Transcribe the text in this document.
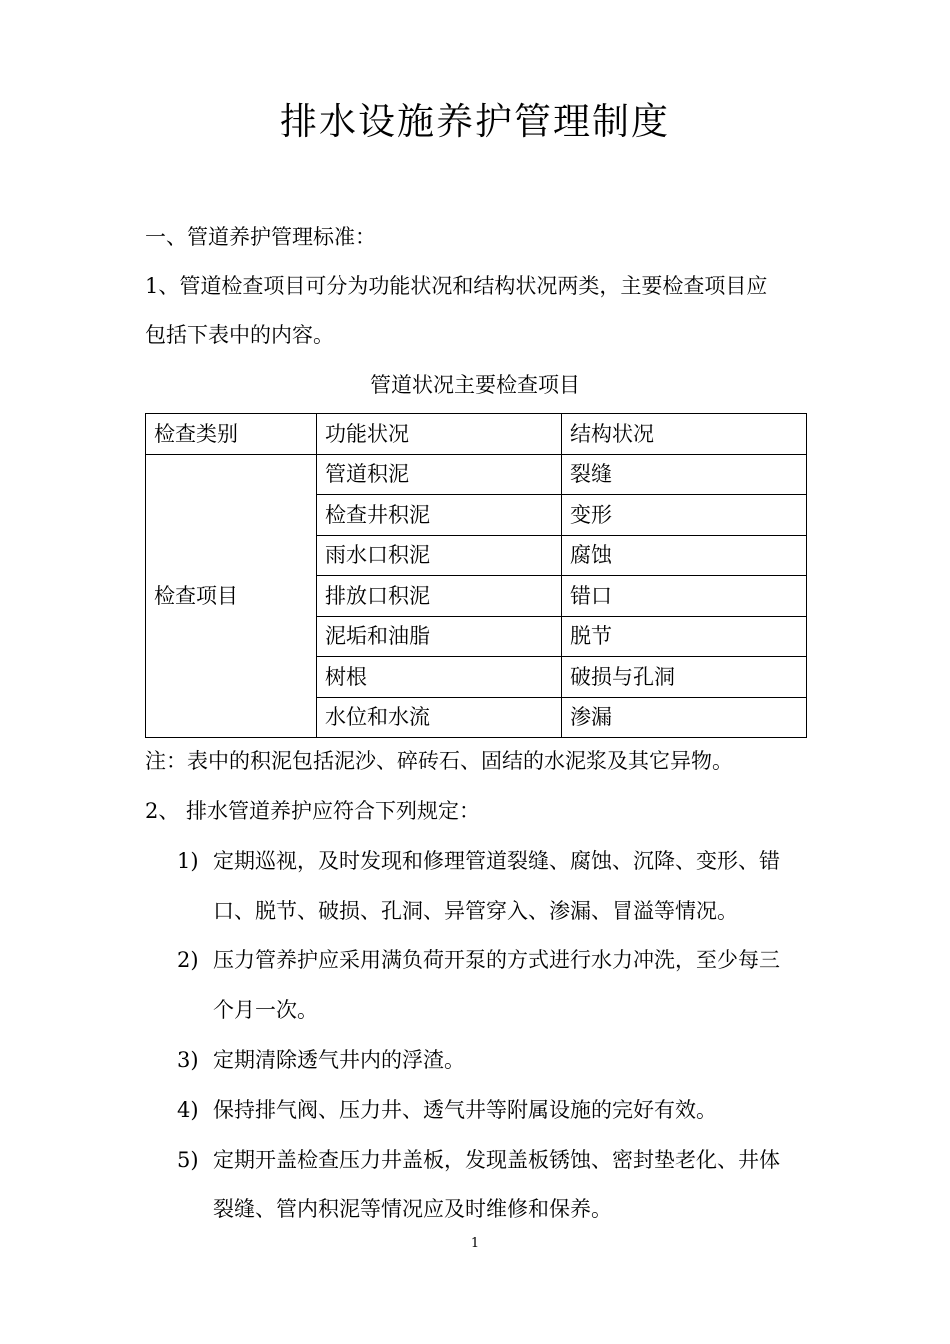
排水设施养护管理制度
一、管道养护管理标准：
1、管道检查项目可分为功能状况和结构状况两类，主要检查项目应
包括下表中的内容。
管道状况主要检查项目
检查类别	功能状况	结构状况
检查项目	管道积泥	裂缝
	检查井积泥	变形
	雨水口积泥	腐蚀
	排放口积泥	错口
	泥垢和油脂	脱节
	树根	破损与孔洞
	水位和水流	渗漏
注：表中的积泥包括泥沙、碎砖石、固结的水泥浆及其它异物。
2、 排水管道养护应符合下列规定：
1) 定期巡视，及时发现和修理管道裂缝、腐蚀、沉降、变形、错
口、脱节、破损、孔洞、异管穿入、渗漏、冒溢等情况。
2) 压力管养护应采用满负荷开泵的方式进行水力冲洗，至少每三
个月一次。
3) 定期清除透气井内的浮渣。
4) 保持排气阀、压力井、透气井等附属设施的完好有效。
5) 定期开盖检查压力井盖板，发现盖板锈蚀、密封垫老化、井体
裂缝、管内积泥等情况应及时维修和保养。
1
